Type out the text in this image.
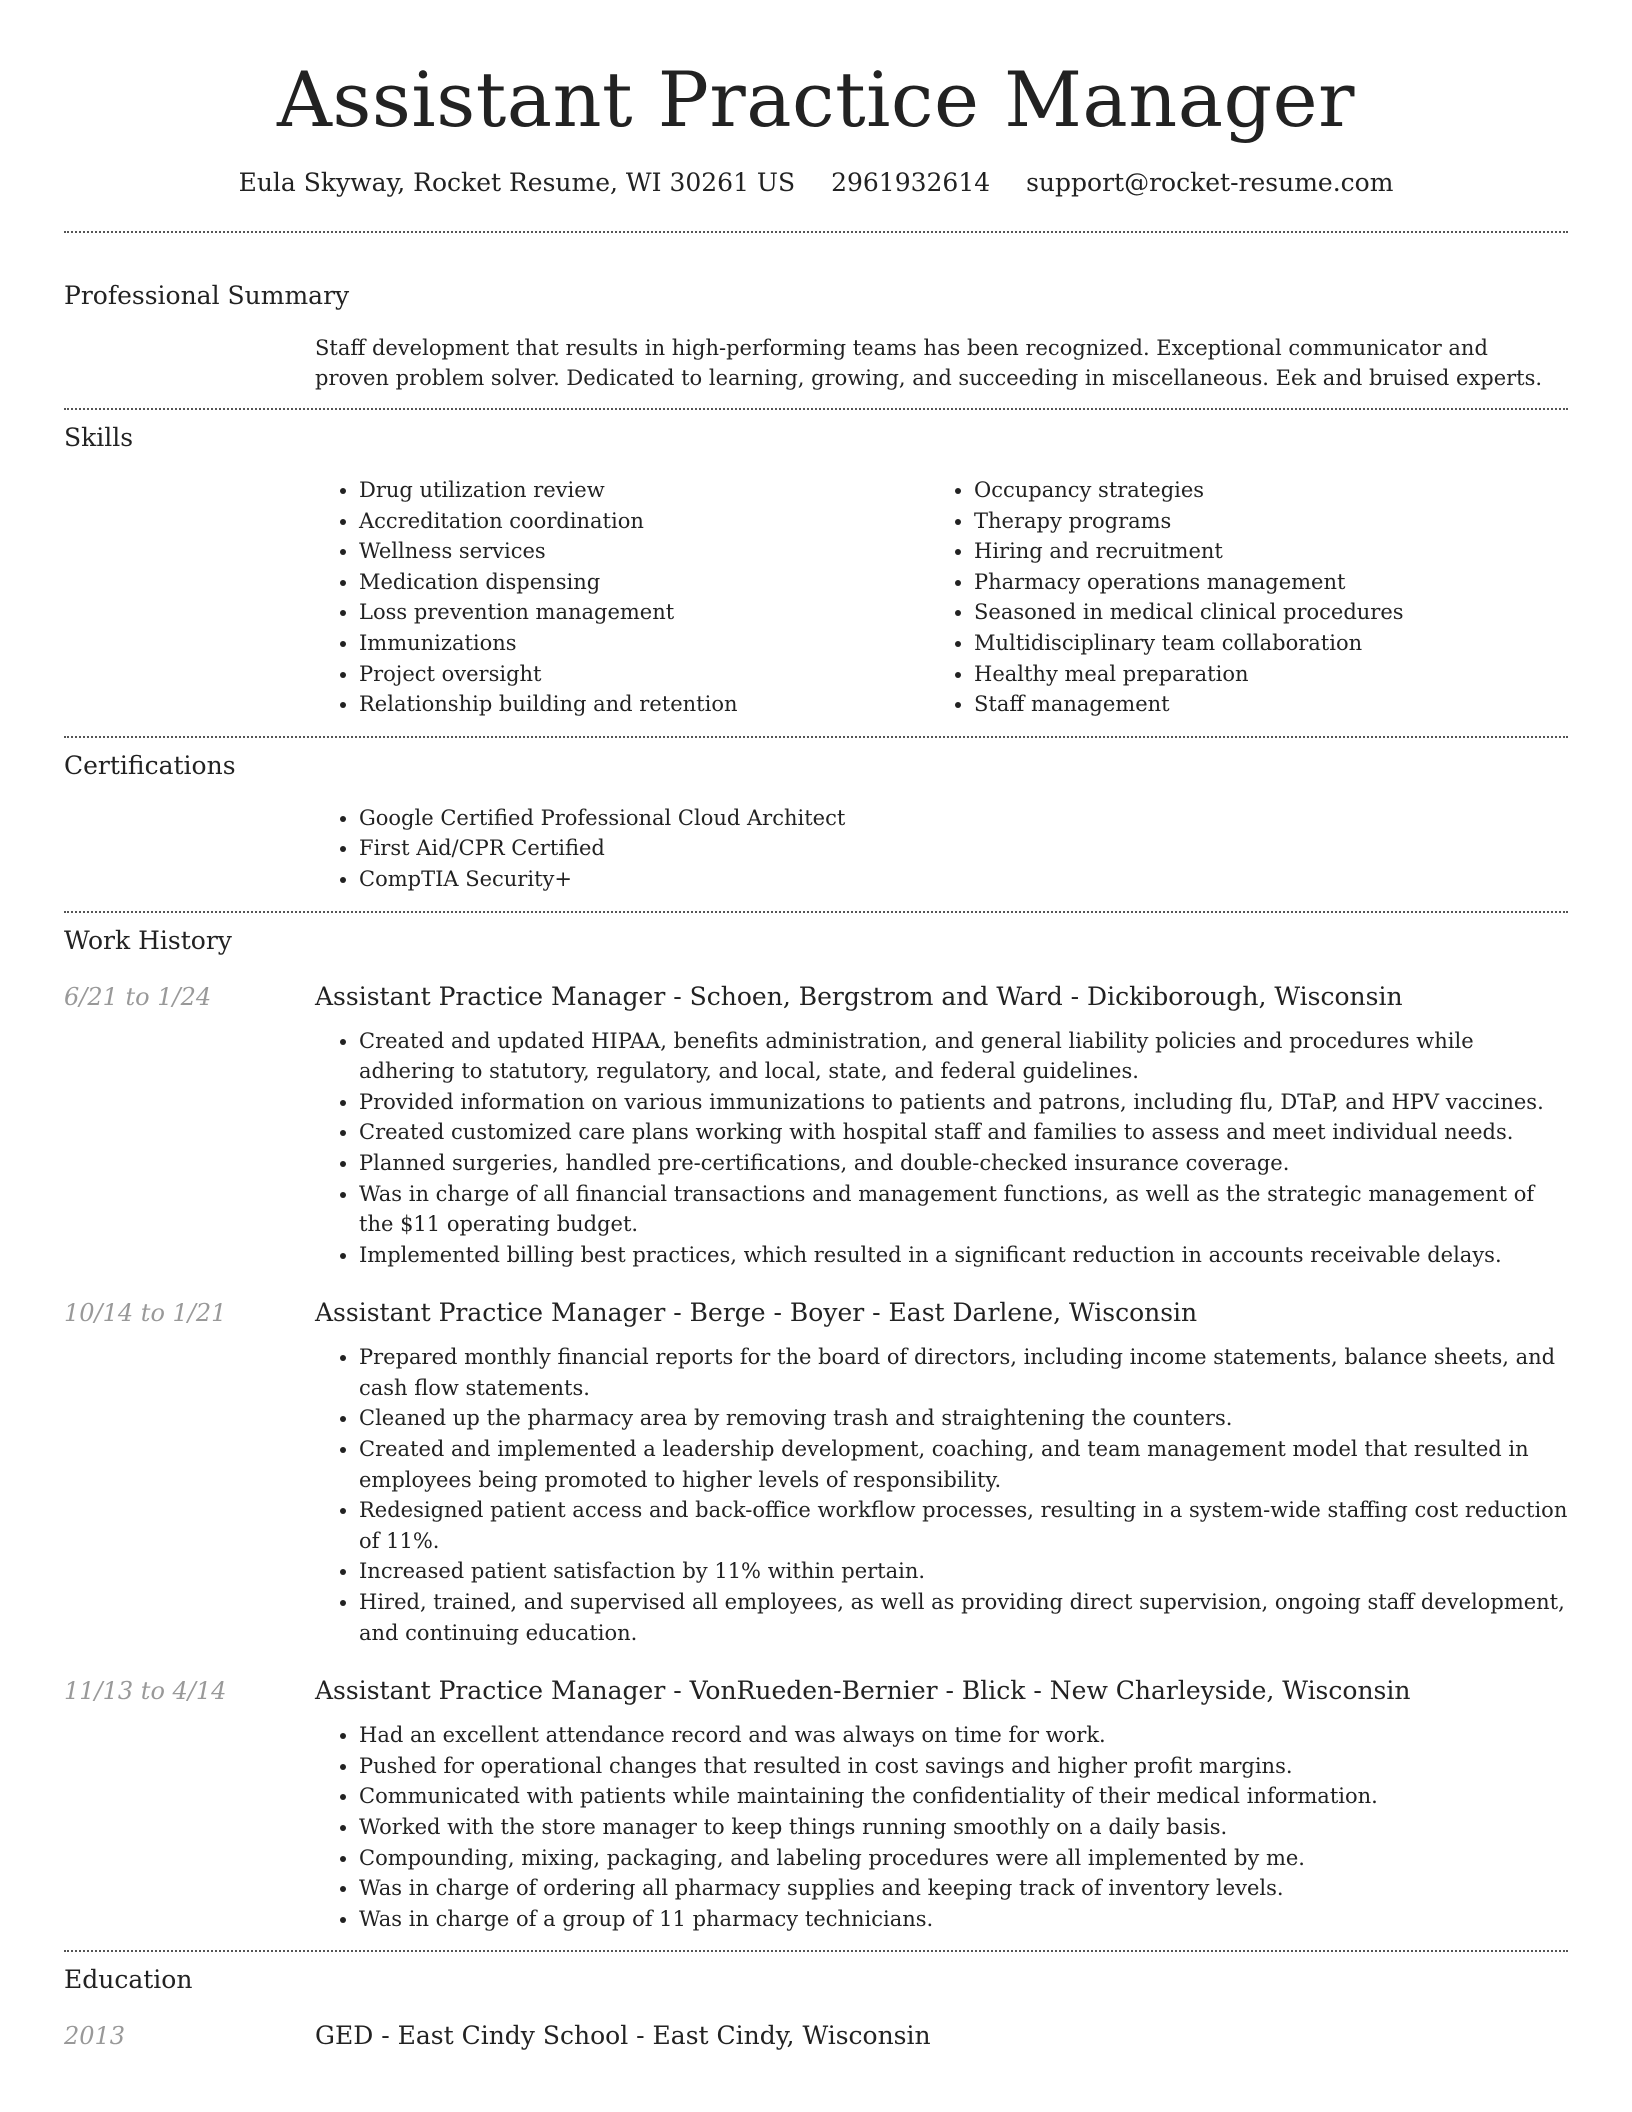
Assistant Practice Manager
Eula Skyway, Rocket Resume, WI 30261 US 2961932614 support@rocket-resume.com
Professional Summary

Staff development that results in high-performing teams has been recognized. Exceptional communicator and proven problem solver. Dedicated to learning, growing, and succeeding in miscellaneous. Eek and bruised experts.

Skills
• Drug utilization review
• Accreditation coordination
• Wellness services
• Medication dispensing
• Loss prevention management
• Immunizations
• Project oversight
• Relationship building and retention
• Occupancy strategies
• Therapy programs
• Hiring and recruitment
• Pharmacy operations management
• Seasoned in medical clinical procedures
• Multidisciplinary team collaboration
• Healthy meal preparation
• Staff management
Certifications
• Google Certified Professional Cloud Architect
• First Aid/CPR Certified
• CompTIA Security+
Work History
6/21 to 1/24	Assistant Practice Manager - Schoen, Bergstrom and Ward - Dickiborough, Wisconsin
• Created and updated HIPAA, benefits administration, and general liability policies and procedures while adhering to statutory, regulatory, and local, state, and federal guidelines.
• Provided information on various immunizations to patients and patrons, including flu, DTaP, and HPV vaccines.
• Created customized care plans working with hospital staff and families to assess and meet individual needs.
• Planned surgeries, handled pre-certifications, and double-checked insurance coverage.
• Was in charge of all financial transactions and management functions, as well as the strategic management of the $11 operating budget.
• Implemented billing best practices, which resulted in a significant reduction in accounts receivable delays.
10/14 to 1/21	Assistant Practice Manager - Berge - Boyer - East Darlene, Wisconsin
• Prepared monthly financial reports for the board of directors, including income statements, balance sheets, and cash flow statements.
• Cleaned up the pharmacy area by removing trash and straightening the counters.
• Created and implemented a leadership development, coaching, and team management model that resulted in employees being promoted to higher levels of responsibility.
• Redesigned patient access and back-office workflow processes, resulting in a system-wide staffing cost reduction of 11%.
• Increased patient satisfaction by 11% within pertain.
• Hired, trained, and supervised all employees, as well as providing direct supervision, ongoing staff development, and continuing education.
11/13 to 4/14	Assistant Practice Manager - VonRueden-Bernier - Blick - New Charleyside, Wisconsin
• Had an excellent attendance record and was always on time for work.
• Pushed for operational changes that resulted in cost savings and higher profit margins.
• Communicated with patients while maintaining the confidentiality of their medical information.
• Worked with the store manager to keep things running smoothly on a daily basis.
• Compounding, mixing, packaging, and labeling procedures were all implemented by me.
• Was in charge of ordering all pharmacy supplies and keeping track of inventory levels.
• Was in charge of a group of 11 pharmacy technicians.
Education
2013	GED - East Cindy School - East Cindy, Wisconsin
